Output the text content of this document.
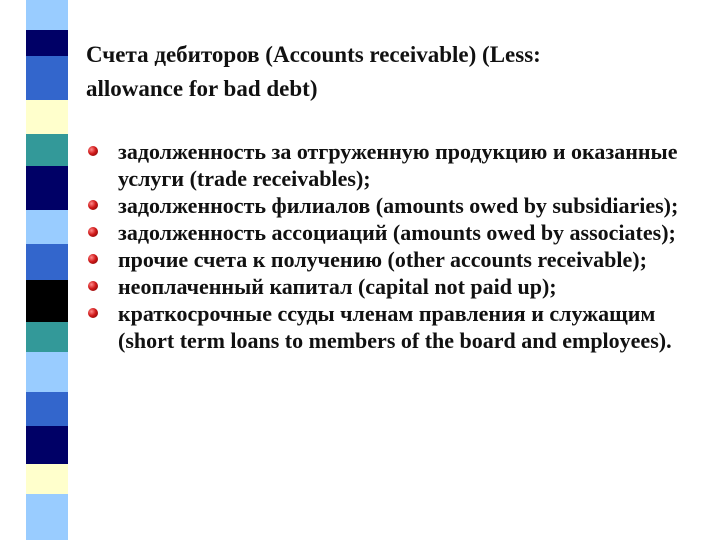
Счета дебиторов (Accounts receivable) (Less:
allowance for bad debt)
задолженность за отгруженную продукцию и оказанные услуги (trade receivables);
задолженность филиалов (amounts owed by subsidiaries);
задолженность ассоциаций (amounts owed by associates);
прочие счета к получению (other accounts receivable);
неоплаченный капитал (capital not paid up);
краткосрочные ссуды членам правления и служащим (short term loans to members of the board and employees).
